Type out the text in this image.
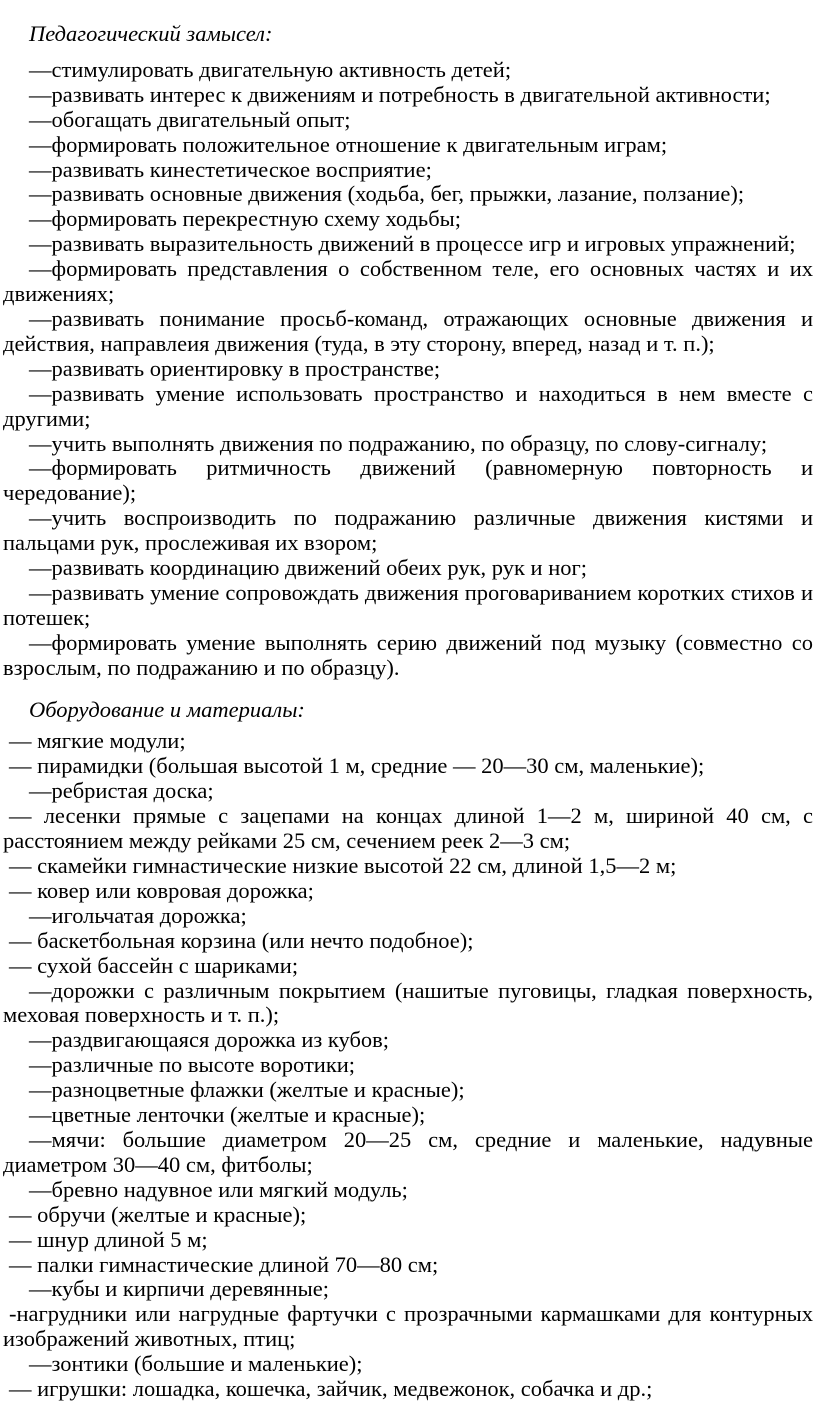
Педагогический замысел:

—стимулировать двигательную активность детей;

—развивать интерес к движениям и потребность в двигательной активности;

—обогащать двигательный опыт;

—формировать положительное отношение к двигательным играм;

—развивать кинестетическое восприятие;

—развивать основные движения (ходьба, бег, прыжки, лазание, ползание);

—формировать перекрестную схему ходьбы;

—развивать выразительность движений в процессе игр и игровых упражнений;

—формировать представления о собственном теле, его основных частях и их движениях;

—развивать понимание просьб-команд, отражающих основные движения и действия, направлеия движения (туда, в эту сторону, вперед, назад и т. п.);

—развивать ориентировку в пространстве;

—развивать умение использовать пространство и находиться в нем вместе с другими;

—учить выполнять движения по подражанию, по образцу, по слову-сигналу;

—формировать ритмичность движений (равномерную повторность и чередование);

—учить воспроизводить по подражанию различные движения кистями и пальцами рук, прослеживая их взором;

—развивать координацию движений обеих рук, рук и ног;

—развивать умение сопровождать движения проговариванием коротких стихов и потешек;

—формировать умение выполнять серию движений под музыку (совместно со взрослым, по подражанию и по образцу).

Оборудование и материалы:

— мягкие модули;

— пирамидки (большая высотой 1 м, средние — 20—30 см, маленькие);

—ребристая доска;

— лесенки прямые с зацепами на концах длиной 1—2 м, шириной 40 см, с расстоянием между рейками 25 см, сечением реек 2—3 см;

— скамейки гимнастические низкие высотой 22 см, длиной 1,5—2 м;

— ковер или ковровая дорожка;

—игольчатая дорожка;

— баскетбольная корзина (или нечто подобное);

— сухой бассейн с шариками;

—дорожки с различным покрытием (нашитые пуговицы, гладкая поверхность, меховая поверхность и т. п.);

—раздвигающаяся дорожка из кубов;

—различные по высоте воротики;

—разноцветные флажки (желтые и красные);

—цветные ленточки (желтые и красные);

—мячи: большие диаметром 20—25 см, средние и маленькие, надувные диаметром 30—40 см, фитболы;

—бревно надувное или мягкий модуль;

— обручи (желтые и красные);

— шнур длиной 5 м;

— палки гимнастические длиной 70—80 см;

—кубы и кирпичи деревянные;

-нагрудники или нагрудные фартучки с прозрачными кармашками для контурных изображений животных, птиц;

—зонтики (большие и маленькие);

— игрушки: лошадка, кошечка, зайчик, медвежонок, собачка и др.;
